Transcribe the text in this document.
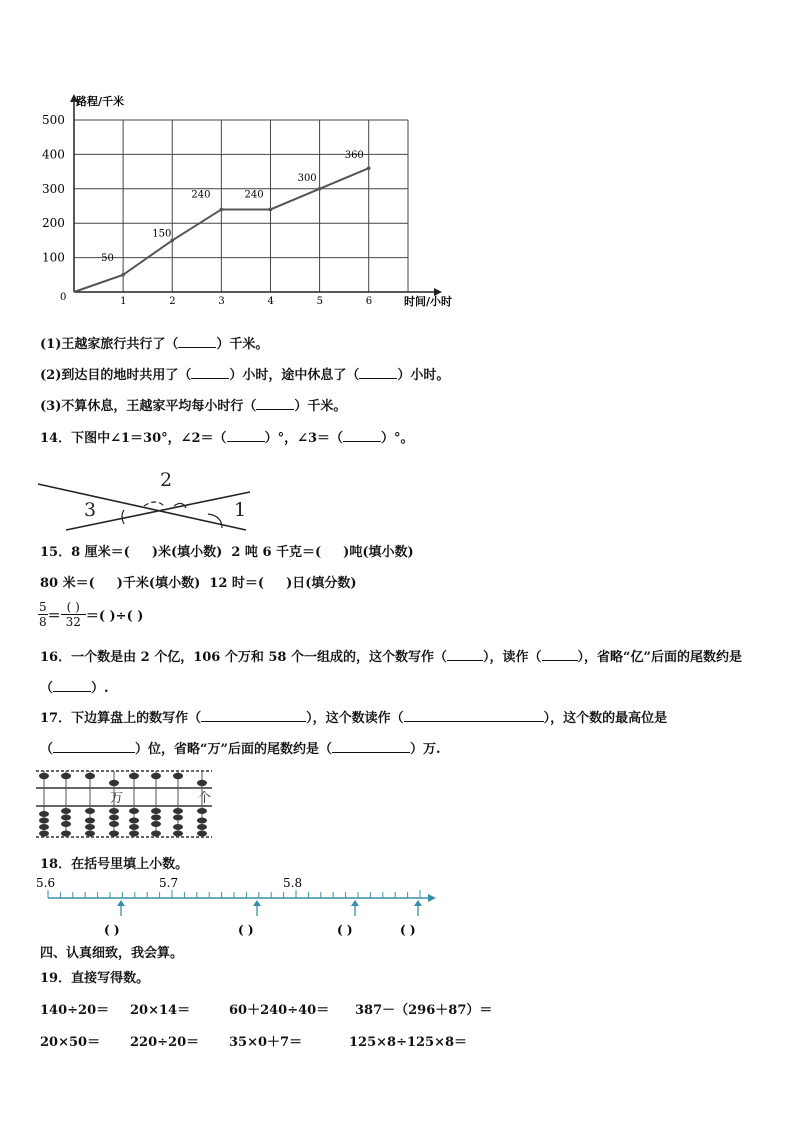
0	1	2	3	4	5	6
100
200
300
400
500
50
150
240	240
300
360
路程/千米
时间/小时
(1)王越家旅行共行了（	）千米。
(2)到达目的地时共用了（	）小时，途中休息了（	）小时。
(3)不算休息，王越家平均每小时行（	）千米。
14．下图中∠1＝30°，∠2＝（	）°，∠3＝（	）°。
2
3	1
15．8 厘米＝( )米(填小数) 2 吨 6 千克＝( )吨(填小数)
80 米＝( )千米(填小数) 12 时＝( )日(填分数)
$\frac{5}{8} = \frac{( )}{32}$ ＝( )÷( )
16．一个数是由 2 个亿，106 个万和 58 个一组成的，这个数写作（	），读作（	），省略“亿”后面的尾数约是
（	）.
17．下边算盘上的数写作（	），这个数读作（	），这个数的最高位是
（	）位，省略“万”后面的尾数约是（	）万.
万	个
18．在括号里填上小数。
5.6	5.7	5.8
( )	( )	( )	( )
四、认真细致，我会算。
19．直接写得数。
140÷20＝ 20×14＝	60＋240÷40＝ 387－（296＋87）＝
20×50＝ 220÷20＝ 35×0＋7＝	125×8÷125×8＝
